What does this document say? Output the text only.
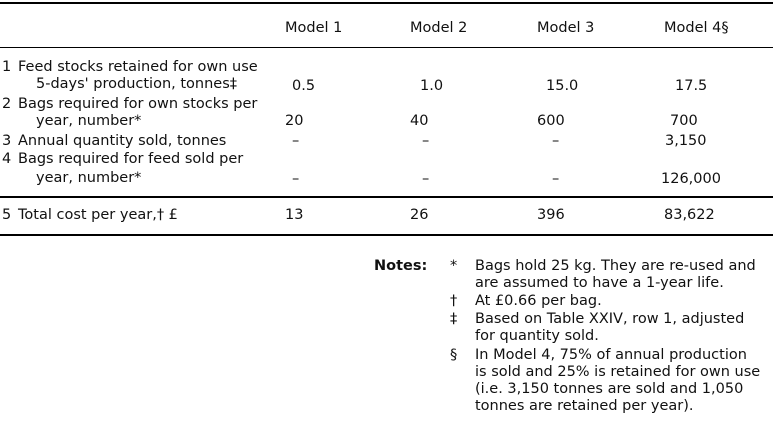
Model 1	Model 2	Model 3	Model 4§
1 Feed stocks retained for own use
5-days' production, tonnes‡	0.5	1.0	15.0	17.5
2 Bags required for own stocks per
year, number*	20	40	600	700
3 Annual quantity sold, tonnes	–	–	–	3,150
4 Bags required for feed sold per
year, number*	–	–	–	126,000
5 Total cost per year,† £	13	26	396	83,622
Notes: * Bags hold 25 kg. They are re-used and
are assumed to have a 1-year life.
† At £0.66 per bag.
‡ Based on Table XXIV, row 1, adjusted
for quantity sold.
§ In Model 4, 75% of annual production
is sold and 25% is retained for own use
(i.e. 3,150 tonnes are sold and 1,050
tonnes are retained per year).
